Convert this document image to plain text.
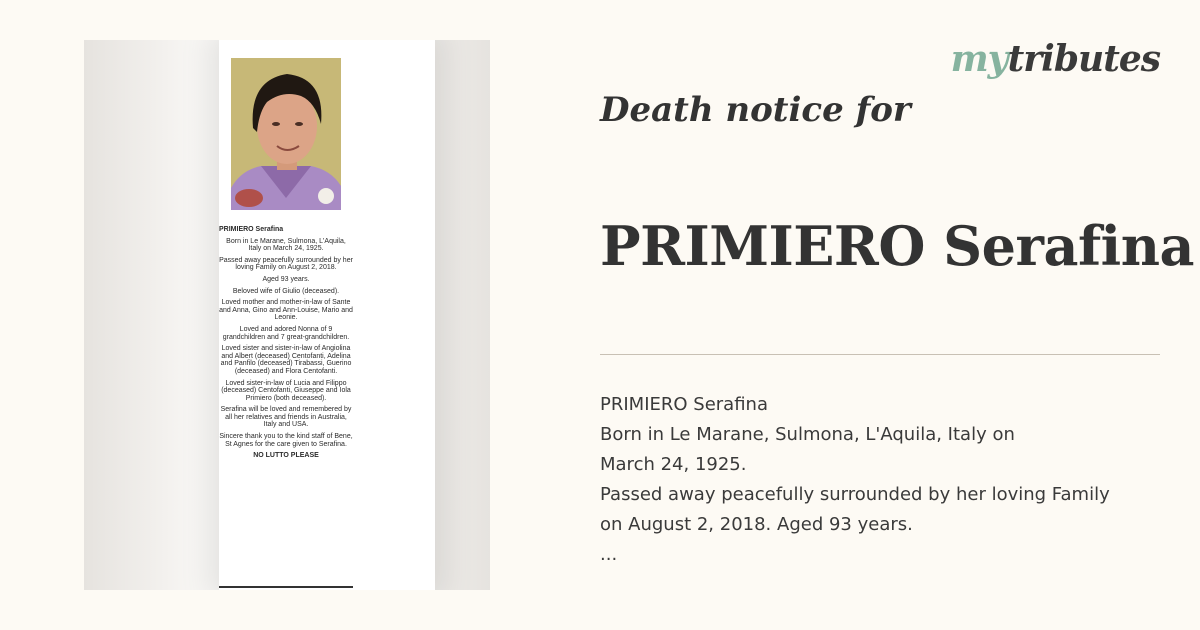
PRIMIERO Serafina

Born in Le Marane, Sulmona, L'Aquila, Italy on March 24, 1925.

Passed away peacefully surrounded by her loving Family on August 2, 2018.

Aged 93 years.

Beloved wife of Giulio (deceased).

Loved mother and mother-in-law of Sante and Anna, Gino and Ann-Louise, Mario and Leonie.

Loved and adored Nonna of 9 grandchildren and 7 great-grandchildren.

Loved sister and sister-in-law of Angiolina and Albert (deceased) Centofanti, Adelina and Panfilo (deceased) Tirabassi, Guerino (deceased) and Flora Centofanti.

Loved sister-in-law of Lucia and Filippo (deceased) Centofanti, Giuseppe and Iola Primiero (both deceased).

Serafina will be loved and remembered by all her relatives and friends in Australia, Italy and USA.

Sincere thank you to the kind staff of Bene, St Agnes for the care given to Serafina.

NO LUTTO PLEASE
mytributes
Death notice for
PRIMIERO Serafina
PRIMIERO Serafina
Born in Le Marane, Sulmona, L'Aquila, Italy on
March 24, 1925.
Passed away peacefully surrounded by her loving Family
on August 2, 2018. Aged 93 years.
...
